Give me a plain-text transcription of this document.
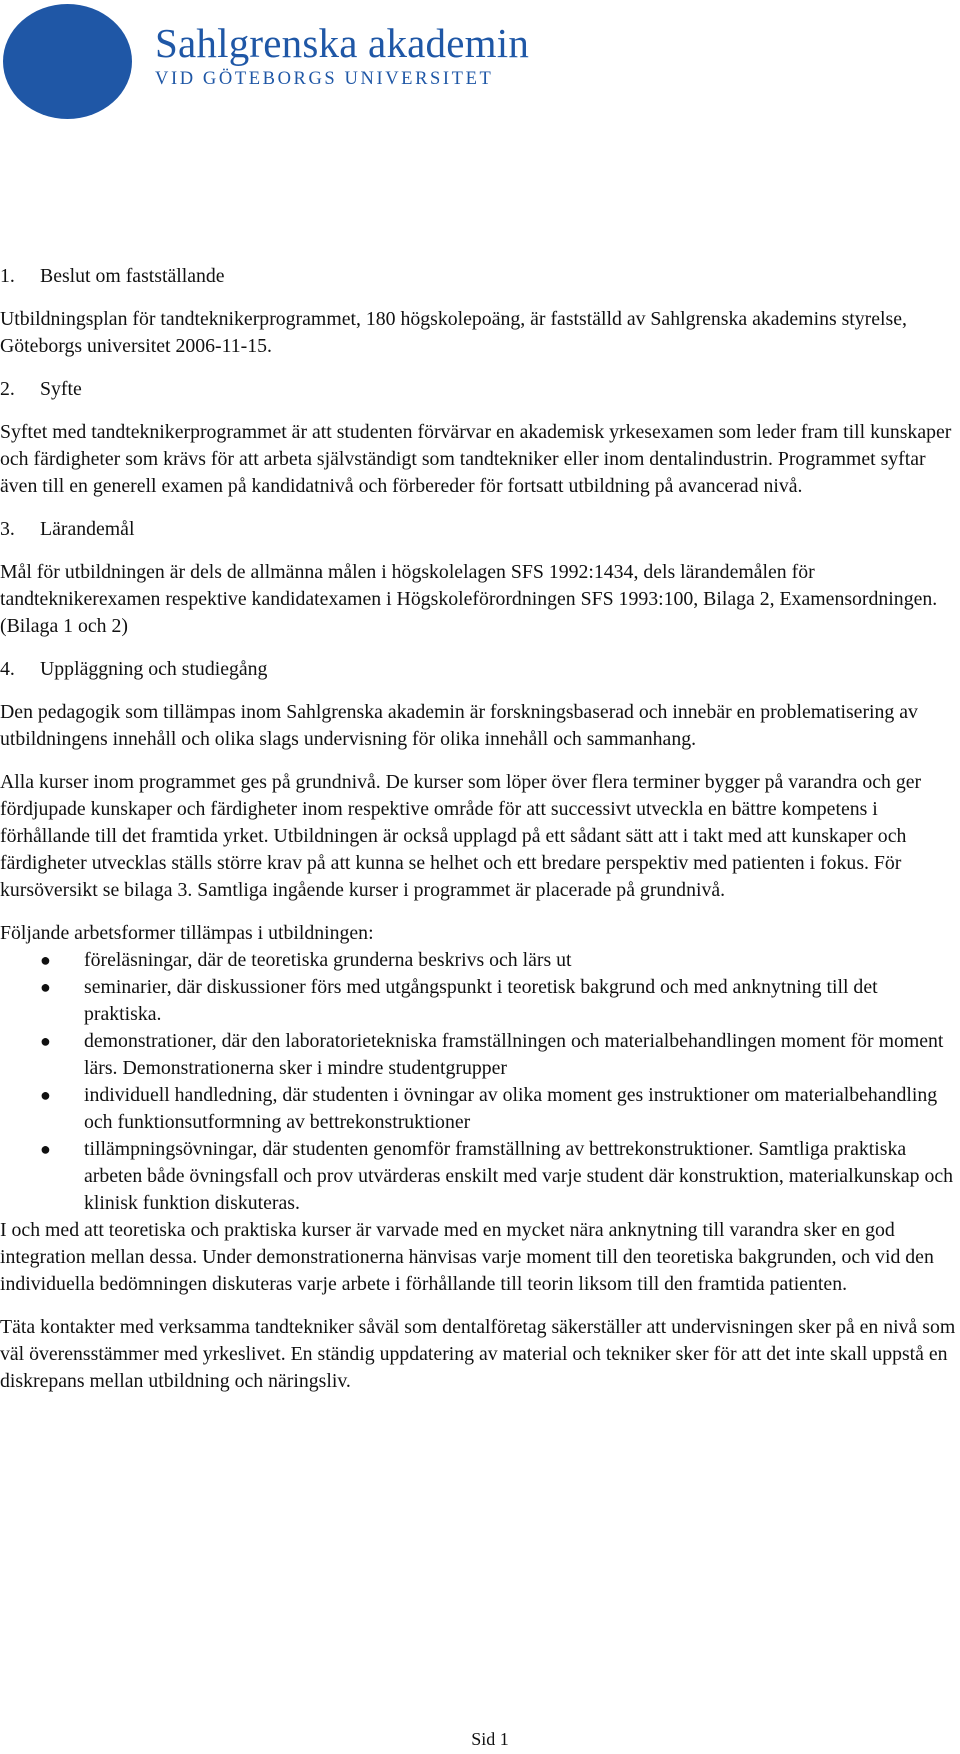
Sahlgrenska akademin
VID GÖTEBORGS UNIVERSITET
1. Beslut om fastställande

Utbildningsplan för tandteknikerprogrammet, 180 högskolepoäng, är fastställd av Sahlgrenska akademins styrelse, Göteborgs universitet 2006-11-15.

2. Syfte

Syftet med tandteknikerprogrammet är att studenten förvärvar en akademisk yrkesexamen som leder fram till kunskaper och färdigheter som krävs för att arbeta självständigt som tandtekniker eller inom dentalindustrin. Programmet syftar även till en generell examen på kandidatnivå och förbereder för fortsatt utbildning på avancerad nivå.

3. Lärandemål

Mål för utbildningen är dels de allmänna målen i högskolelagen SFS 1992:1434, dels lärandemålen för tandteknikerexamen respektive kandidatexamen i Högskoleförordningen SFS 1993:100, Bilaga 2, Examensordningen. (Bilaga 1 och 2)

4. Uppläggning och studiegång

Den pedagogik som tillämpas inom Sahlgrenska akademin är forskningsbaserad och innebär en problematisering av utbildningens innehåll och olika slags undervisning för olika innehåll och sammanhang.

Alla kurser inom programmet ges på grundnivå. De kurser som löper över flera terminer bygger på varandra och ger fördjupade kunskaper och färdigheter inom respektive område för att successivt utveckla en bättre kompetens i förhållande till det framtida yrket. Utbildningen är också upplagd på ett sådant sätt att i takt med att kunskaper och färdigheter utvecklas ställs större krav på att kunna se helhet och ett bredare perspektiv med patienten i fokus. För kursöversikt se bilaga 3. Samtliga ingående kurser i programmet är placerade på grundnivå.

Följande arbetsformer tillämpas i utbildningen:

● föreläsningar, där de teoretiska grunderna beskrivs och lärs ut
● seminarier, där diskussioner förs med utgångspunkt i teoretisk bakgrund och med anknytning till det praktiska.
● demonstrationer, där den laboratorietekniska framställningen och materialbehandlingen moment för moment lärs. Demonstrationerna sker i mindre studentgrupper
● individuell handledning, där studenten i övningar av olika moment ges instruktioner om materialbehandling och funktionsutformning av bettrekonstruktioner
● tillämpningsövningar, där studenten genomför framställning av bettrekonstruktioner. Samtliga praktiska arbeten både övningsfall och prov utvärderas enskilt med varje student där konstruktion, materialkunskap och klinisk funktion diskuteras.

I och med att teoretiska och praktiska kurser är varvade med en mycket nära anknytning till varandra sker en god integration mellan dessa. Under demonstrationerna hänvisas varje moment till den teoretiska bakgrunden, och vid den individuella bedömningen diskuteras varje arbete i förhållande till teorin liksom till den framtida patienten.

Täta kontakter med verksamma tandtekniker såväl som dentalföretag säkerställer att undervisningen sker på en nivå som väl överensstämmer med yrkeslivet. En ständig uppdatering av material och tekniker sker för att det inte skall uppstå en diskrepans mellan utbildning och näringsliv.

Sid 1
